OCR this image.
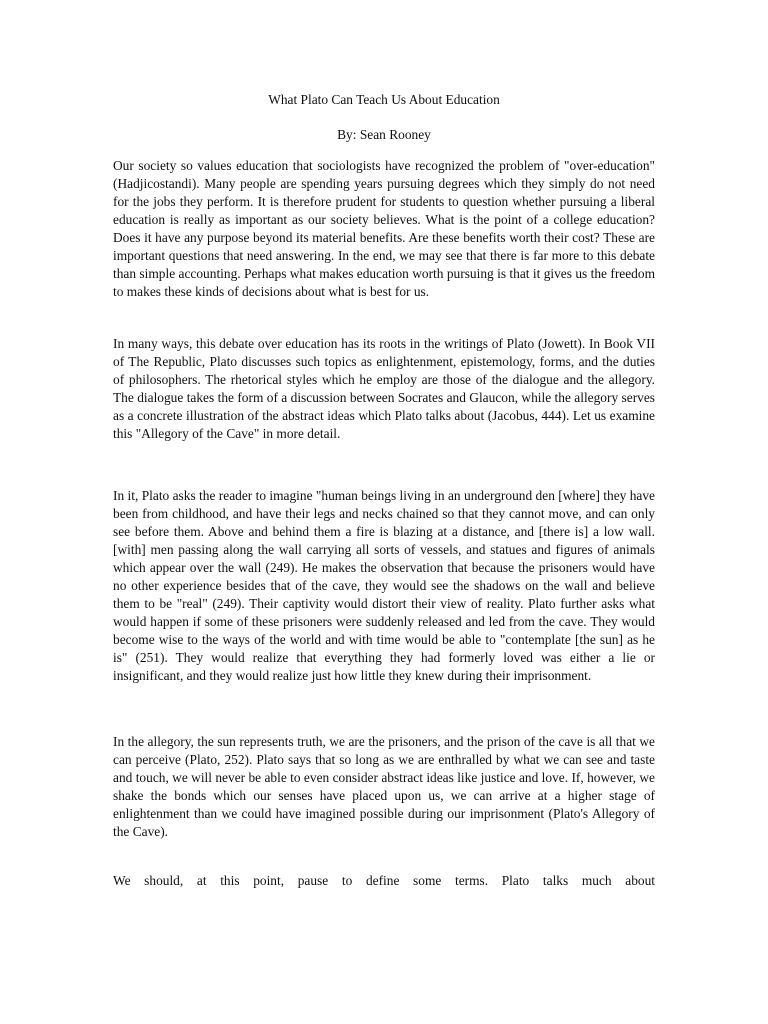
What Plato Can Teach Us About Education

By: Sean Rooney

Our society so values education that sociologists have recognized the problem of "over-education" (Hadjicostandi). Many people are spending years pursuing degrees which they simply do not need for the jobs they perform. It is therefore prudent for students to question whether pursuing a liberal education is really as important as our society believes. What is the point of a college education? Does it have any purpose beyond its material benefits. Are these benefits worth their cost? These are important questions that need answering. In the end, we may see that there is far more to this debate than simple accounting. Perhaps what makes education worth pursuing is that it gives us the freedom to makes these kinds of decisions about what is best for us.

In many ways, this debate over education has its roots in the writings of Plato (Jowett). In Book VII of The Republic, Plato discusses such topics as enlightenment, epistemology, forms, and the duties of philosophers. The rhetorical styles which he employ are those of the dialogue and the allegory. The dialogue takes the form of a discussion between Socrates and Glaucon, while the allegory serves as a concrete illustration of the abstract ideas which Plato talks about (Jacobus, 444). Let us examine this "Allegory of the Cave" in more detail.

In it, Plato asks the reader to imagine "human beings living in an underground den [where] they have been from childhood, and have their legs and necks chained so that they cannot move, and can only see before them. Above and behind them a fire is blazing at a distance, and [there is] a low wall. [with] men passing along the wall carrying all sorts of vessels, and statues and figures of animals which appear over the wall (249). He makes the observation that because the prisoners would have no other experience besides that of the cave, they would see the shadows on the wall and believe them to be "real" (249). Their captivity would distort their view of reality. Plato further asks what would happen if some of these prisoners were suddenly released and led from the cave. They would become wise to the ways of the world and with time would be able to "contemplate [the sun] as he is" (251). They would realize that everything they had formerly loved was either a lie or insignificant, and they would realize just how little they knew during their imprisonment.

In the allegory, the sun represents truth, we are the prisoners, and the prison of the cave is all that we can perceive (Plato, 252). Plato says that so long as we are enthralled by what we can see and taste and touch, we will never be able to even consider abstract ideas like justice and love. If, however, we shake the bonds which our senses have placed upon us, we can arrive at a higher stage of enlightenment than we could have imagined possible during our imprisonment (Plato's Allegory of the Cave).

We should, at this point, pause to define some terms. Plato talks much about
